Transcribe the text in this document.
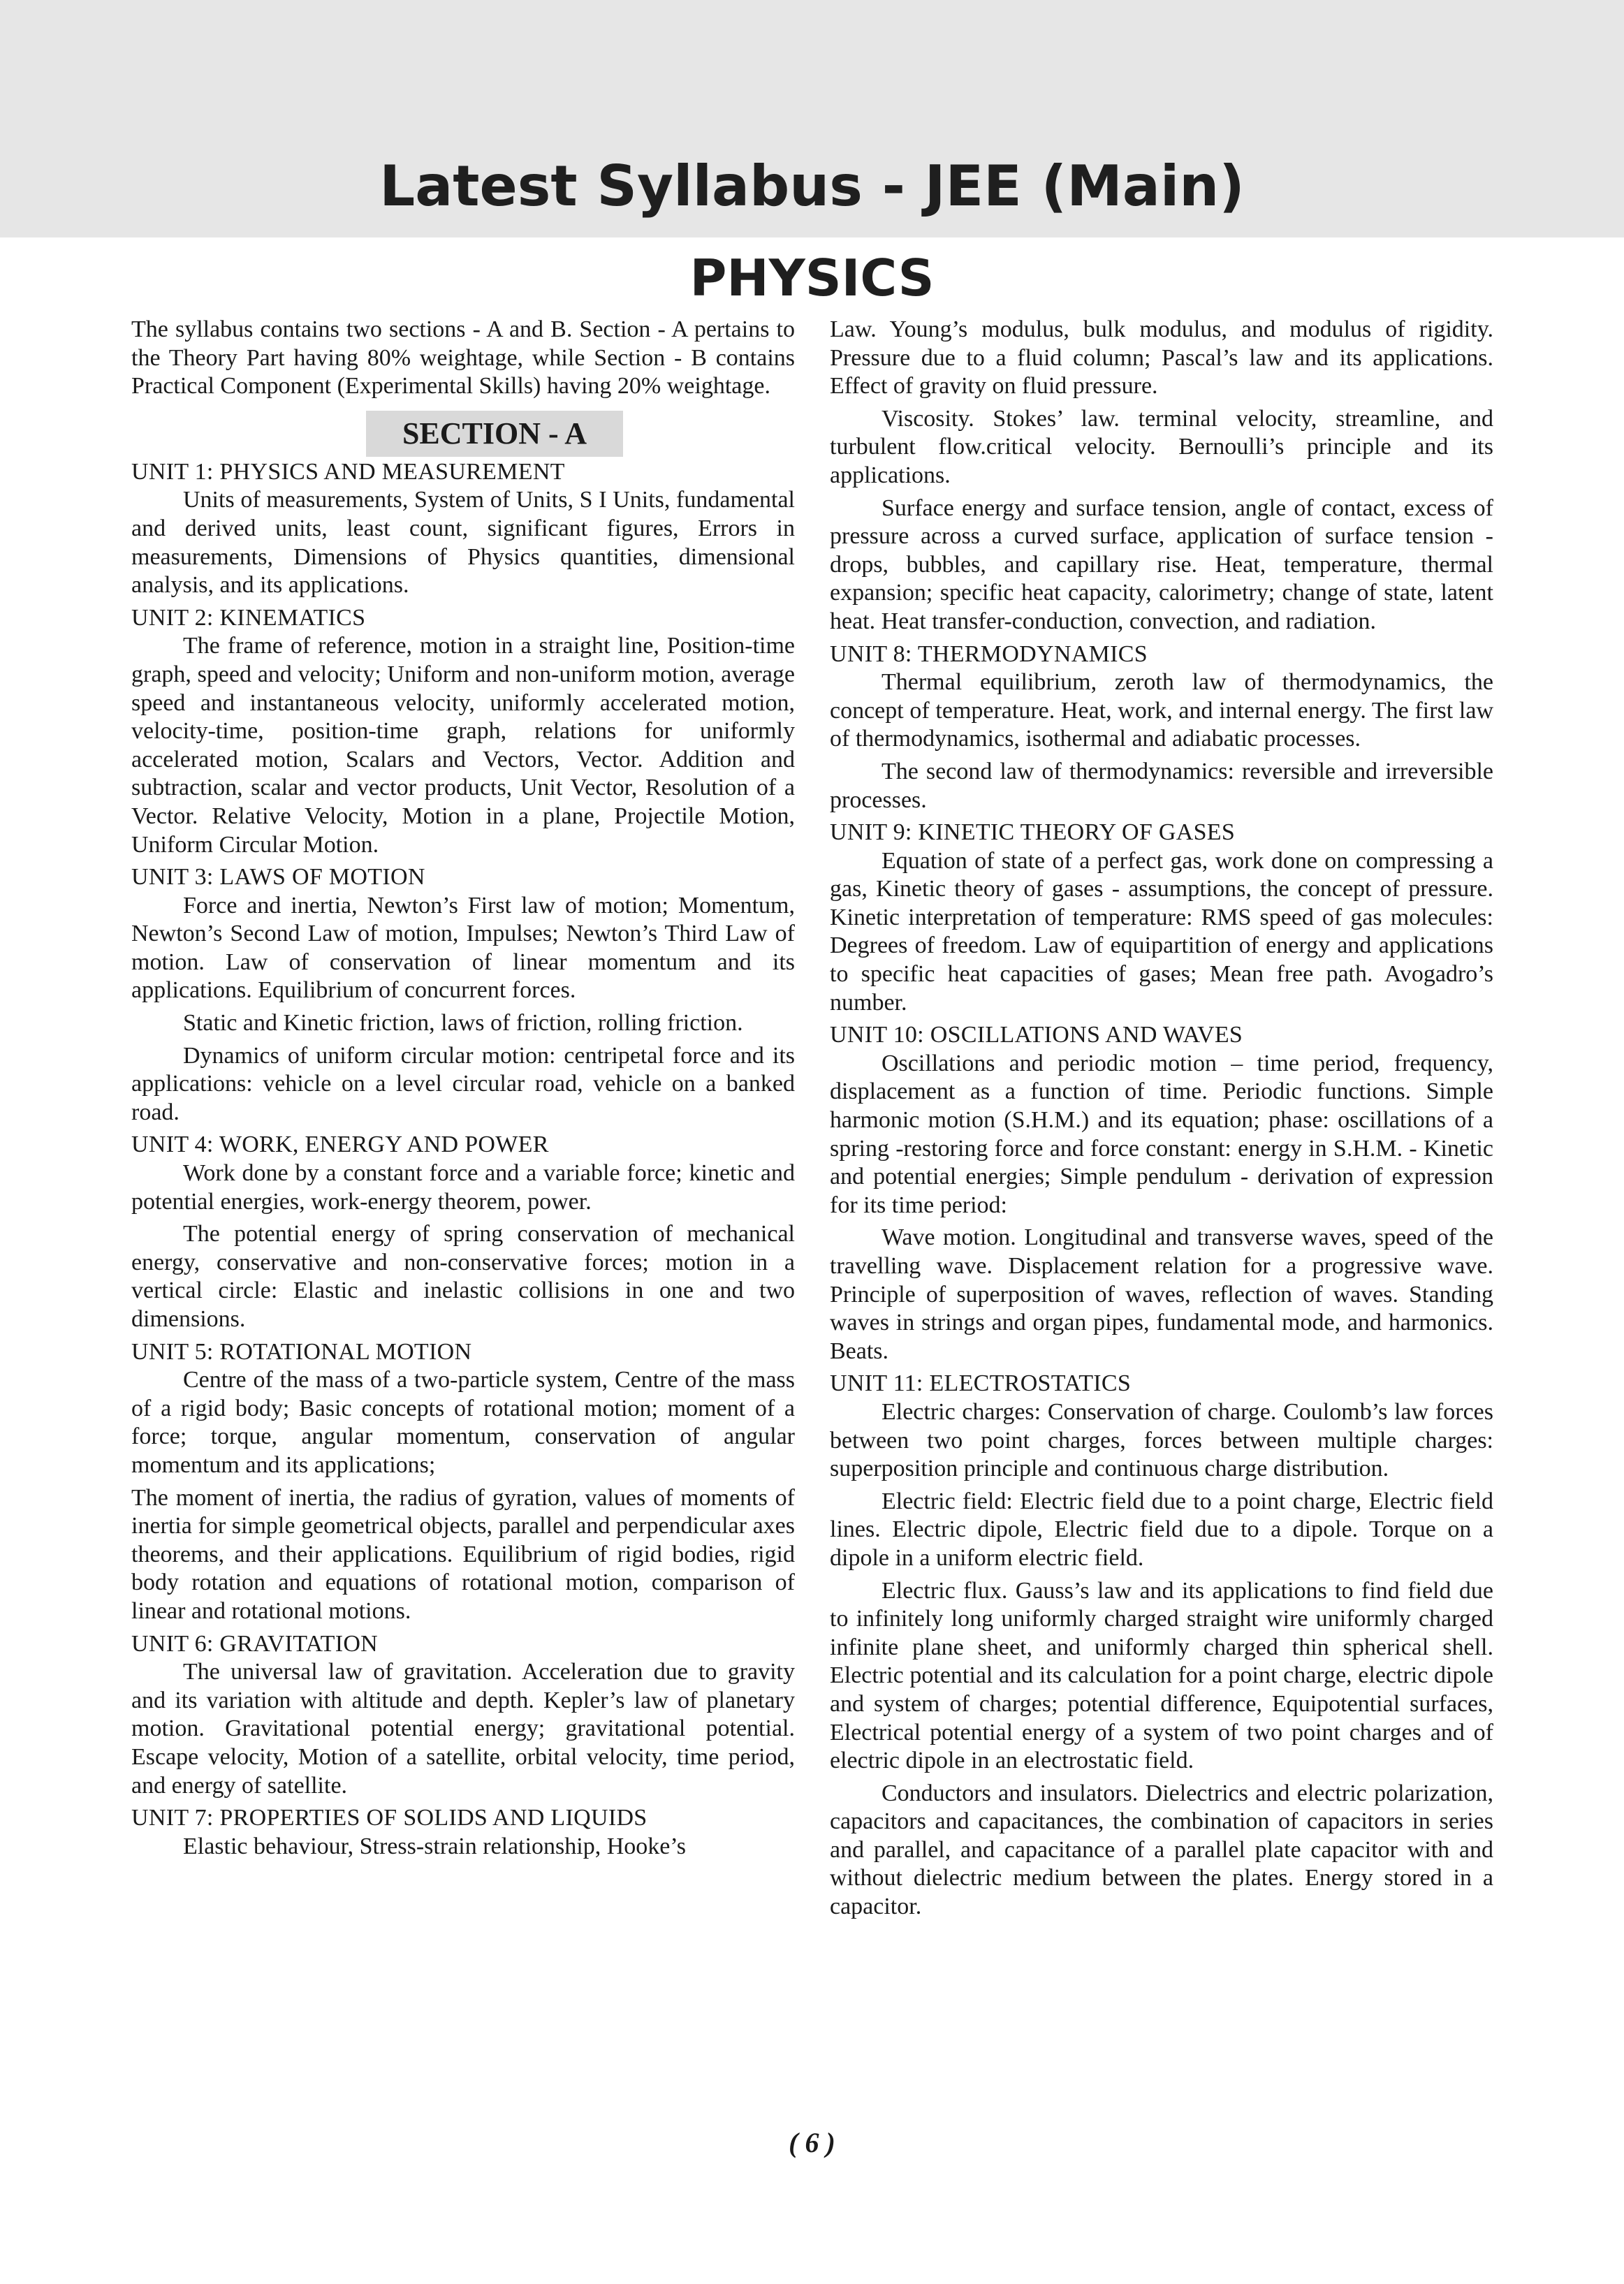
Latest Syllabus - JEE (Main)
PHYSICS

The syllabus contains two sections - A and B. Section - A pertains to the Theory Part having 80% weightage, while Section - B contains Practical Component (Experimental Skills) having 20% weightage.

SECTION - A
UNIT 1: PHYSICS AND MEASUREMENT

Units of measurements, System of Units, S I Units, fundamental and derived units, least count, significant figures, Errors in measurements, Dimensions of Physics quantities, dimensional analysis, and its applications.

UNIT 2: KINEMATICS

The frame of reference, motion in a straight line, Position-time graph, speed and velocity; Uniform and non-uniform motion, average speed and instantaneous velocity, uniformly accelerated motion, velocity-time, position-time graph, relations for uniformly accelerated motion, Scalars and Vectors, Vector. Addition and subtraction, scalar and vector products, Unit Vector, Resolution of a Vector. Relative Velocity, Motion in a plane, Projectile Motion, Uniform Circular Motion.

UNIT 3: LAWS OF MOTION

Force and inertia, Newton’s First law of motion; Momentum, Newton’s Second Law of motion, Impulses; Newton’s Third Law of motion. Law of conservation of linear momentum and its applications. Equilibrium of concurrent forces.

Static and Kinetic friction, laws of friction, rolling friction.

Dynamics of uniform circular motion: centripetal force and its applications: vehicle on a level circular road, vehicle on a banked road.

UNIT 4: WORK, ENERGY AND POWER

Work done by a constant force and a variable force; kinetic and potential energies, work-energy theorem, power.

The potential energy of spring conservation of mechanical energy, conservative and non-conservative forces; motion in a vertical circle: Elastic and inelastic collisions in one and two dimensions.

UNIT 5: ROTATIONAL MOTION

Centre of the mass of a two-particle system, Centre of the mass of a rigid body; Basic concepts of rotational motion; moment of a force; torque, angular momentum, conservation of angular momentum and its applications;

The moment of inertia, the radius of gyration, values of moments of inertia for simple geometrical objects, parallel and perpendicular axes theorems, and their applications. Equilibrium of rigid bodies, rigid body rotation and equations of rotational motion, comparison of linear and rotational motions.

UNIT 6: GRAVITATION

The universal law of gravitation. Acceleration due to gravity and its variation with altitude and depth. Kepler’s law of planetary motion. Gravitational potential energy; gravitational potential. Escape velocity, Motion of a satellite, orbital velocity, time period, and energy of satellite.

UNIT 7: PROPERTIES OF SOLIDS AND LIQUIDS

Elastic behaviour, Stress-strain relationship, Hooke’s

Law. Young’s modulus, bulk modulus, and modulus of rigidity. Pressure due to a fluid column; Pascal’s law and its applications. Effect of gravity on fluid pressure.

Viscosity. Stokes’ law. terminal velocity, streamline, and turbulent flow.critical velocity. Bernoulli’s principle and its applications.

Surface energy and surface tension, angle of contact, excess of pressure across a curved surface, application of surface tension - drops, bubbles, and capillary rise. Heat, temperature, thermal expansion; specific heat capacity, calorimetry; change of state, latent heat. Heat transfer-conduction, convection, and radiation.

UNIT 8: THERMODYNAMICS

Thermal equilibrium, zeroth law of thermodynamics, the concept of temperature. Heat, work, and internal energy. The first law of thermodynamics, isothermal and adiabatic processes.

The second law of thermodynamics: reversible and irreversible processes.

UNIT 9: KINETIC THEORY OF GASES

Equation of state of a perfect gas, work done on compressing a gas, Kinetic theory of gases - assumptions, the concept of pressure. Kinetic interpretation of temperature: RMS speed of gas molecules: Degrees of freedom. Law of equipartition of energy and applications to specific heat capacities of gases; Mean free path. Avogadro’s number.

UNIT 10: OSCILLATIONS AND WAVES

Oscillations and periodic motion – time period, frequency, displacement as a function of time. Periodic functions. Simple harmonic motion (S.H.M.) and its equation; phase: oscillations of a spring -restoring force and force constant: energy in S.H.M. - Kinetic and potential energies; Simple pendulum - derivation of expression for its time period:

Wave motion. Longitudinal and transverse waves, speed of the travelling wave. Displacement relation for a progressive wave. Principle of superposition of waves, reflection of waves. Standing waves in strings and organ pipes, fundamental mode, and harmonics. Beats.

UNIT 11: ELECTROSTATICS

Electric charges: Conservation of charge. Coulomb’s law forces between two point charges, forces between multiple charges: superposition principle and continuous charge distribution.

Electric field: Electric field due to a point charge, Electric field lines. Electric dipole, Electric field due to a dipole. Torque on a dipole in a uniform electric field.

Electric flux. Gauss’s law and its applications to find field due to infinitely long uniformly charged straight wire uniformly charged infinite plane sheet, and uniformly charged thin spherical shell. Electric potential and its calculation for a point charge, electric dipole and system of charges; potential difference, Equipotential surfaces, Electrical potential energy of a system of two point charges and of electric dipole in an electrostatic field.

Conductors and insulators. Dielectrics and electric polarization, capacitors and capacitances, the combination of capacitors in series and parallel, and capacitance of a parallel plate capacitor with and without dielectric medium between the plates. Energy stored in a capacitor.

( 6 )
